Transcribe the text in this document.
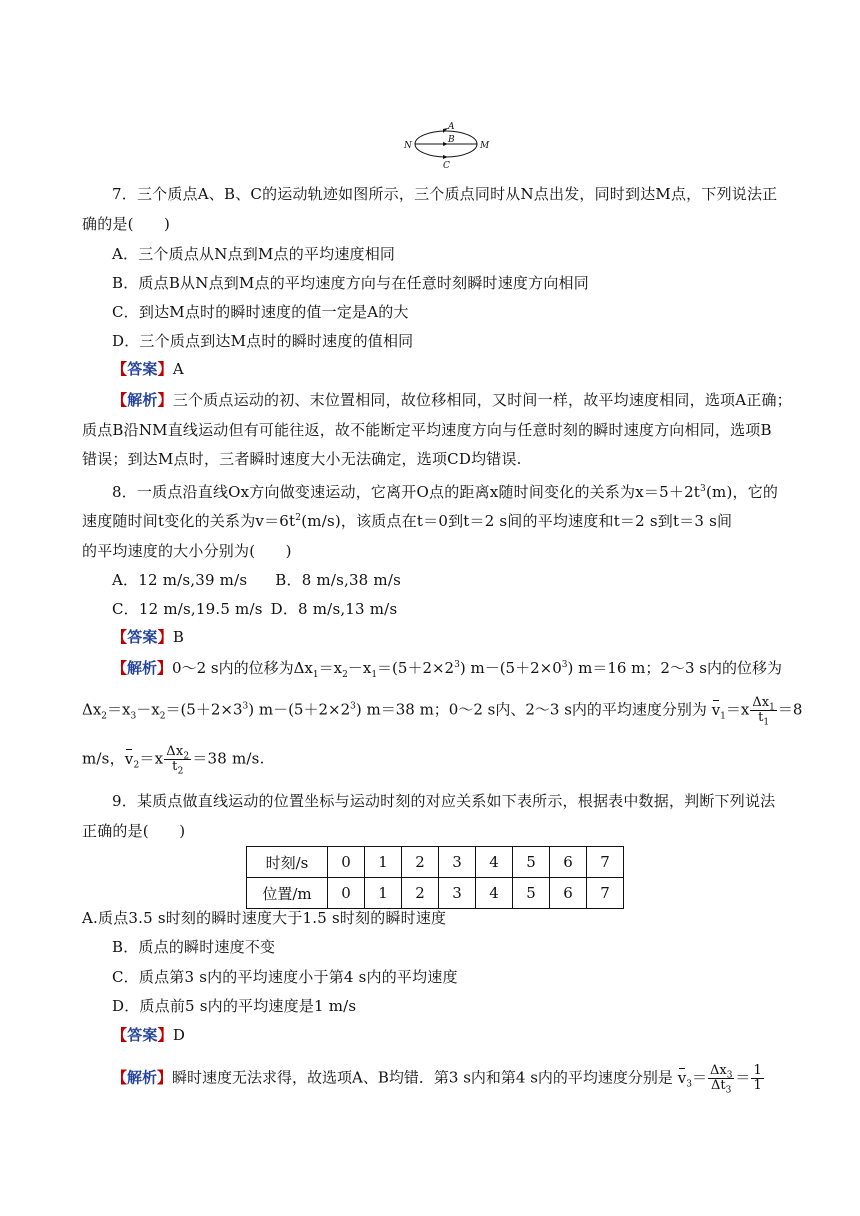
N	M
A
B
C
7．三个质点A、B、C的运动轨迹如图所示，三个质点同时从N点出发，同时到达M点，下列说法正
确的是(　　)
A．三个质点从N点到M点的平均速度相同
B．质点B从N点到M点的平均速度方向与在任意时刻瞬时速度方向相同
C．到达M点时的瞬时速度的值一定是A的大
D．三个质点到达M点时的瞬时速度的值相同
【答案】A
【解析】三个质点运动的初、末位置相同，故位移相同，又时间一样，故平均速度相同，选项A正确；
质点B沿NM直线运动但有可能往返，故不能断定平均速度方向与任意时刻的瞬时速度方向相同，选项B
错误；到达M点时，三者瞬时速度大小无法确定，选项CD均错误.
8．一质点沿直线Ox方向做变速运动，它离开O点的距离x随时间变化的关系为$x=5+2t^3(m)$，它的
速度随时间t变化的关系为$v=6t^2(m/s)$，该质点在t＝0到t＝2 s间的平均速度和t＝2 s到t＝3 s间
的平均速度的大小分别为(　　)
A．12 m/s,39 m/s B．8 m/s,38 m/s
C．12 m/s,19.5 m/s D．8 m/s,13 m/s
【答案】B
【解析】0～2 s内的位移为$\Delta x_1=x_2-x_1=(5+2\times 2^3)$ $m-(5+2\times 0^3)$ m＝16 m；2～3 s内的位移为
$\Delta x_2=x_3-x_2=(5+2\times 3^3)$ $m-(5+2\times 2^3)$ m＝38 m；0～2 s内、2～3 s内的平均速度分别为 $v_1=x \frac{\Delta x_1}{t_1} =8$
m/s，$v_2=x \frac{\Delta x_2}{t_2} =38$ m/s.
9．某质点做直线运动的位置坐标与运动时刻的对应关系如下表所示，根据表中数据，判断下列说法
正确的是(　　)
时刻/s	0	1	2	3	4	5	6	7
位置/m	0	1	2	3	4	5	6	7
A.质点3.5 s时刻的瞬时速度大于1.5 s时刻的瞬时速度
B．质点的瞬时速度不变
C．质点第3 s内的平均速度小于第4 s内的平均速度
D．质点前5 s内的平均速度是1 m/s
【答案】D
【解析】瞬时速度无法求得，故选项A、B均错．第3 s内和第4 s内的平均速度分别是 $v_3= \frac{\Delta x_3}{\Delta t_3} = \frac{1}{1}$
